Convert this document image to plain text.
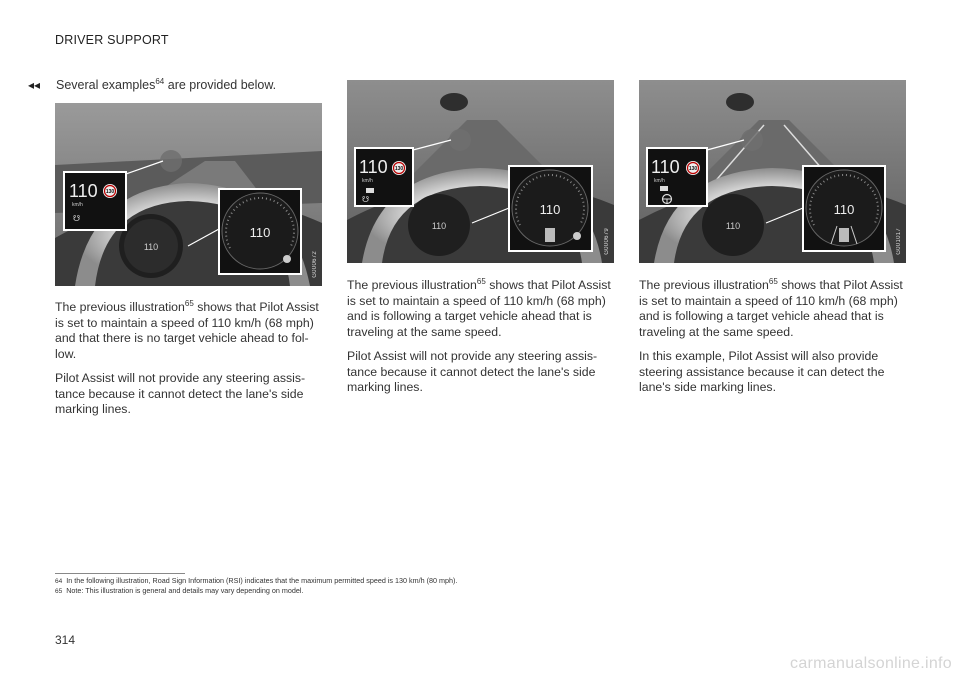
DRIVER SUPPORT
◂◂ Several examples$^{64}$ are provided below.
110
110
km/h
130
☋
110
G000672
110
110
km/h
130
☋
110
G000679
110
110
km/h
130
110
G001017

The previous illustration$^{65}$ shows that Pilot Assist is set to maintain a speed of 110 km/h (68 mph) and that there is no target vehicle ahead to fol-low.

Pilot Assist will not provide any steering assis-tance because it cannot detect the lane's side marking lines.

The previous illustration$^{65}$ shows that Pilot Assist is set to maintain a speed of 110 km/h (68 mph) and is following a target vehicle ahead that is traveling at the same speed.

Pilot Assist will not provide any steering assis-tance because it cannot detect the lane's side marking lines.

The previous illustration$^{65}$ shows that Pilot Assist is set to maintain a speed of 110 km/h (68 mph) and is following a target vehicle ahead that is traveling at the same speed.

In this example, Pilot Assist will also provide steering assistance because it can detect the lane's side marking lines.

64 In the following illustration, Road Sign Information (RSI) indicates that the maximum permitted speed is 130 km/h (80 mph).
65 Note: This illustration is general and details may vary depending on model.
314
carmanualsonline.info
